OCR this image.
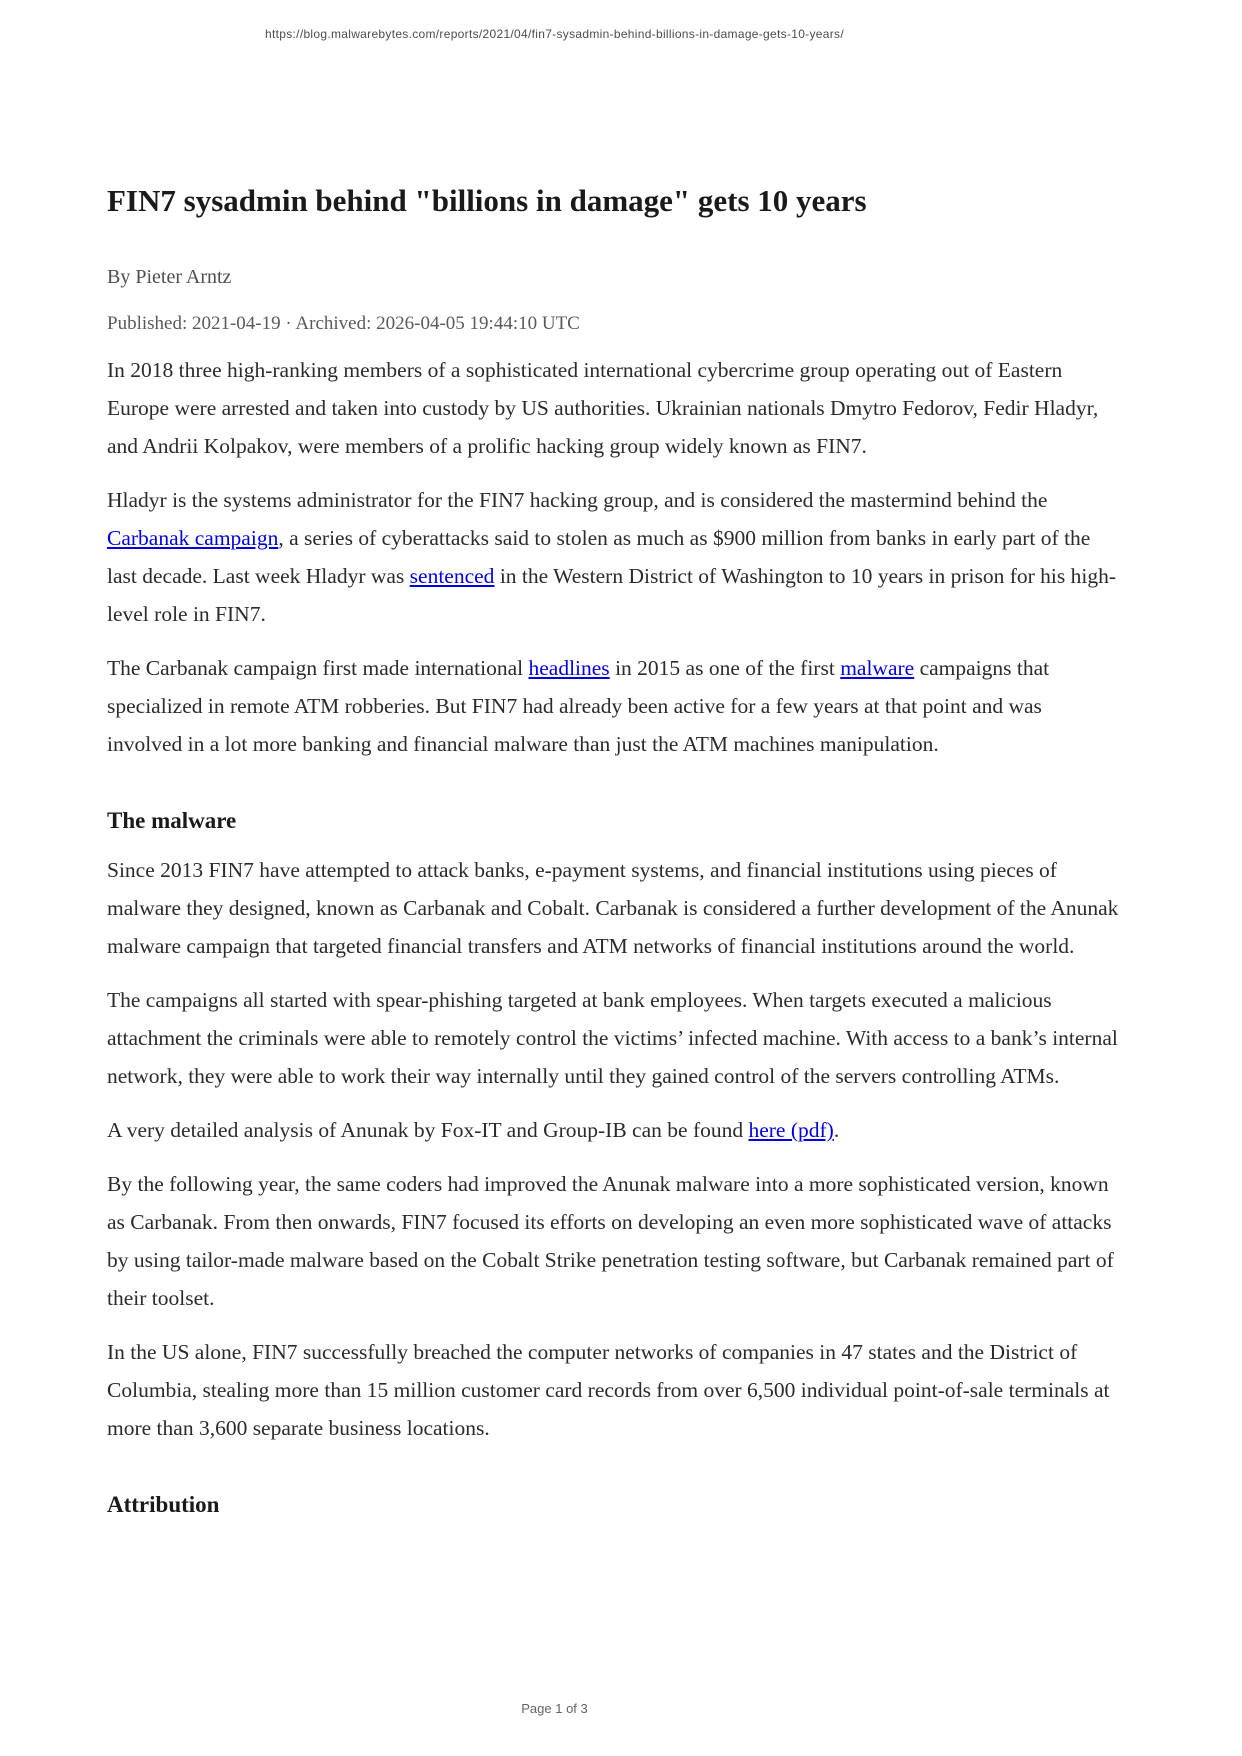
https://blog.malwarebytes.com/reports/2021/04/fin7-sysadmin-behind-billions-in-damage-gets-10-years/
FIN7 sysadmin behind "billions in damage" gets 10 years
By Pieter Arntz
Published: 2021-04-19 · Archived: 2026-04-05 19:44:10 UTC

In 2018 three high-ranking members of a sophisticated international cybercrime group operating out of Eastern Europe were arrested and taken into custody by US authorities. Ukrainian nationals Dmytro Fedorov, Fedir Hladyr, and Andrii Kolpakov, were members of a prolific hacking group widely known as FIN7.

Hladyr is the systems administrator for the FIN7 hacking group, and is considered the mastermind behind the Carbanak campaign, a series of cyberattacks said to stolen as much as $900 million from banks in early part of the last decade. Last week Hladyr was sentenced in the Western District of Washington to 10 years in prison for his high-level role in FIN7.

The Carbanak campaign first made international headlines in 2015 as one of the first malware campaigns that specialized in remote ATM robberies. But FIN7 had already been active for a few years at that point and was involved in a lot more banking and financial malware than just the ATM machines manipulation.

The malware

Since 2013 FIN7 have attempted to attack banks, e-payment systems, and financial institutions using pieces of malware they designed, known as Carbanak and Cobalt. Carbanak is considered a further development of the Anunak malware campaign that targeted financial transfers and ATM networks of financial institutions around the world.

The campaigns all started with spear-phishing targeted at bank employees. When targets executed a malicious attachment the criminals were able to remotely control the victims’ infected machine. With access to a bank’s internal network, they were able to work their way internally until they gained control of the servers controlling ATMs.

A very detailed analysis of Anunak by Fox-IT and Group-IB can be found here (pdf).

By the following year, the same coders had improved the Anunak malware into a more sophisticated version, known as Carbanak. From then onwards, FIN7 focused its efforts on developing an even more sophisticated wave of attacks by using tailor-made malware based on the Cobalt Strike penetration testing software, but Carbanak remained part of their toolset.

In the US alone, FIN7 successfully breached the computer networks of companies in 47 states and the District of Columbia, stealing more than 15 million customer card records from over 6,500 individual point-of-sale terminals at more than 3,600 separate business locations.

Attribution
Page 1 of 3
